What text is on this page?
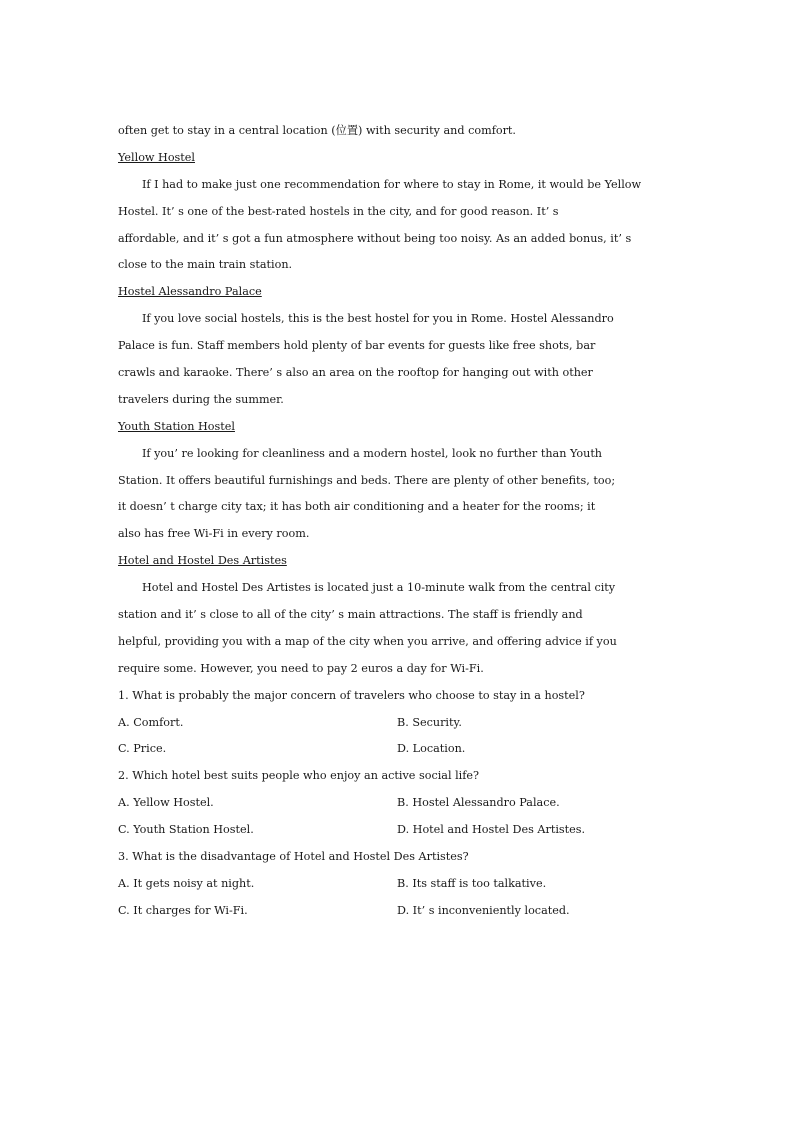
often get to stay in a central location (位置) with security and comfort.
Yellow Hostel
If I had to make just one recommendation for where to stay in Rome, it would be Yellow
Hostel. It’ s one of the best-rated hostels in the city, and for good reason. It’ s
affordable, and it’ s got a fun atmosphere without being too noisy. As an added bonus, it’ s
close to the main train station.
Hostel Alessandro Palace
If you love social hostels, this is the best hostel for you in Rome. Hostel Alessandro
Palace is fun. Staff members hold plenty of bar events for guests like free shots, bar
crawls and karaoke. There’ s also an area on the rooftop for hanging out with other
travelers during the summer.
Youth Station Hostel
If you’ re looking for cleanliness and a modern hostel, look no further than Youth
Station. It offers beautiful furnishings and beds. There are plenty of other benefits, too;
it doesn’ t charge city tax; it has both air conditioning and a heater for the rooms; it
also has free Wi-Fi in every room.
Hotel and Hostel Des Artistes
Hotel and Hostel Des Artistes is located just a 10-minute walk from the central city
station and it’ s close to all of the city’ s main attractions. The staff is friendly and
helpful, providing you with a map of the city when you arrive, and offering advice if you
require some. However, you need to pay 2 euros a day for Wi-Fi.
1. What is probably the major concern of travelers who choose to stay in a hostel?
A. Comfort.	B. Security.
C. Price.	D. Location.
2. Which hotel best suits people who enjoy an active social life?
A. Yellow Hostel.	B. Hostel Alessandro Palace.
C. Youth Station Hostel.	D. Hotel and Hostel Des Artistes.
3. What is the disadvantage of Hotel and Hostel Des Artistes?
A. It gets noisy at night.	B. Its staff is too talkative.
C. It charges for Wi-Fi.	D. It’ s inconveniently located.
